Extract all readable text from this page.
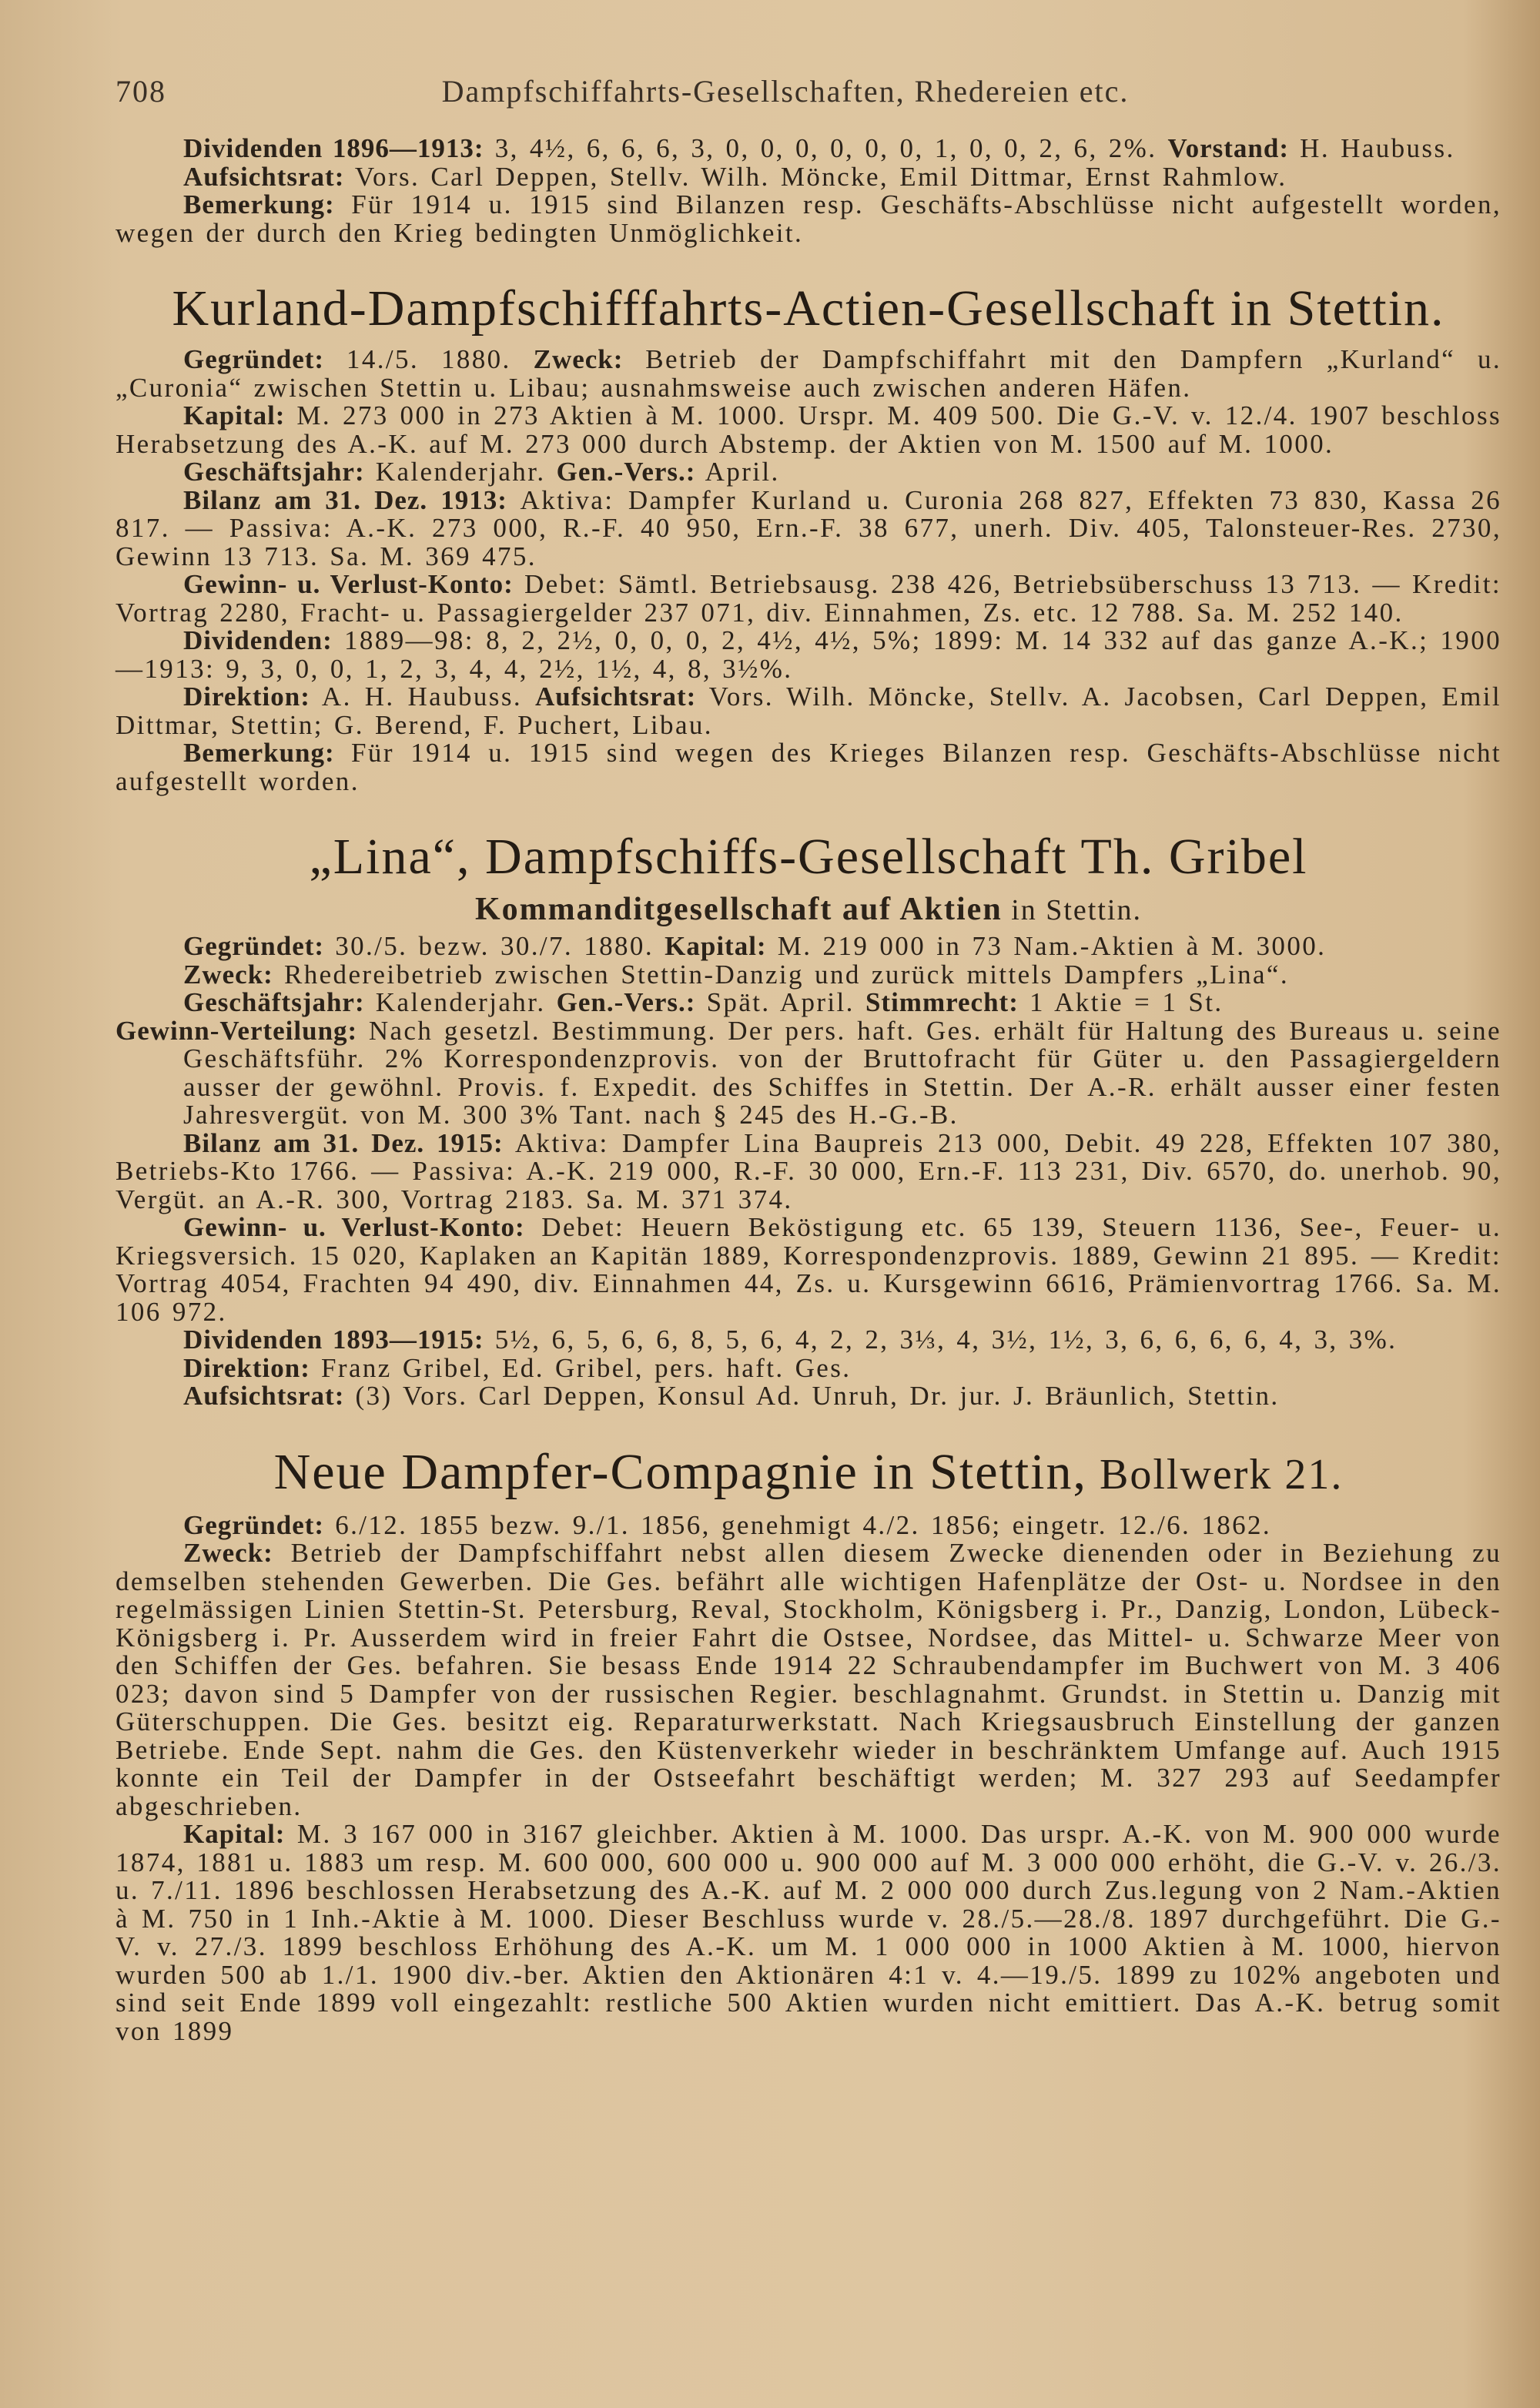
708	Dampfschiffahrts-Gesellschaften, Rhedereien etc.

Dividenden 1896—1913: 3, 4½, 6, 6, 6, 3, 0, 0, 0, 0, 0, 0, 1, 0, 0, 2, 6, 2%. Vorstand: H. Haubuss.

Aufsichtsrat: Vors. Carl Deppen, Stellv. Wilh. Möncke, Emil Dittmar, Ernst Rahmlow.

Bemerkung: Für 1914 u. 1915 sind Bilanzen resp. Geschäfts-Abschlüsse nicht aufgestellt worden, wegen der durch den Krieg bedingten Unmöglichkeit.

Kurland-Dampfschifffahrts-Actien-Gesellschaft in Stettin.

Gegründet: 14./5. 1880. Zweck: Betrieb der Dampfschiffahrt mit den Dampfern „Kurland“ u. „Curonia“ zwischen Stettin u. Libau; ausnahmsweise auch zwischen anderen Häfen.

Kapital: M. 273 000 in 273 Aktien à M. 1000. Urspr. M. 409 500. Die G.-V. v. 12./4. 1907 beschloss Herabsetzung des A.-K. auf M. 273 000 durch Abstemp. der Aktien von M. 1500 auf M. 1000.

Geschäftsjahr: Kalenderjahr. Gen.-Vers.: April.

Bilanz am 31. Dez. 1913: Aktiva: Dampfer Kurland u. Curonia 268 827, Effekten 73 830, Kassa 26 817. — Passiva: A.-K. 273 000, R.-F. 40 950, Ern.-F. 38 677, unerh. Div. 405, Talonsteuer-Res. 2730, Gewinn 13 713. Sa. M. 369 475.

Gewinn- u. Verlust-Konto: Debet: Sämtl. Betriebsausg. 238 426, Betriebsüberschuss 13 713. — Kredit: Vortrag 2280, Fracht- u. Passagiergelder 237 071, div. Einnahmen, Zs. etc. 12 788. Sa. M. 252 140.

Dividenden: 1889—98: 8, 2, 2½, 0, 0, 0, 2, 4½, 4½, 5%; 1899: M. 14 332 auf das ganze A.-K.; 1900—1913: 9, 3, 0, 0, 1, 2, 3, 4, 4, 2½, 1½, 4, 8, 3½%.

Direktion: A. H. Haubuss. Aufsichtsrat: Vors. Wilh. Möncke, Stellv. A. Jacobsen, Carl Deppen, Emil Dittmar, Stettin; G. Berend, F. Puchert, Libau.

Bemerkung: Für 1914 u. 1915 sind wegen des Krieges Bilanzen resp. Geschäfts-Abschlüsse nicht aufgestellt worden.

„Lina“, Dampfschiffs-Gesellschaft Th. Gribel
Kommanditgesellschaft auf Aktien in Stettin.

Gegründet: 30./5. bezw. 30./7. 1880. Kapital: M. 219 000 in 73 Nam.-Aktien à M. 3000.

Zweck: Rhedereibetrieb zwischen Stettin-Danzig und zurück mittels Dampfers „Lina“.

Geschäftsjahr: Kalenderjahr. Gen.-Vers.: Spät. April. Stimmrecht: 1 Aktie = 1 St.

Gewinn-Verteilung: Nach gesetzl. Bestimmung. Der pers. haft. Ges. erhält für Haltung des Bureaus u. seine Geschäftsführ. 2% Korrespondenzprovis. von der Bruttofracht für Güter u. den Passagiergeldern ausser der gewöhnl. Provis. f. Expedit. des Schiffes in Stettin. Der A.-R. erhält ausser einer festen Jahresvergüt. von M. 300 3% Tant. nach § 245 des H.-G.-B.

Bilanz am 31. Dez. 1915: Aktiva: Dampfer Lina Baupreis 213 000, Debit. 49 228, Effekten 107 380, Betriebs-Kto 1766. — Passiva: A.-K. 219 000, R.-F. 30 000, Ern.-F. 113 231, Div. 6570, do. unerhob. 90, Vergüt. an A.-R. 300, Vortrag 2183. Sa. M. 371 374.

Gewinn- u. Verlust-Konto: Debet: Heuern Beköstigung etc. 65 139, Steuern 1136, See-, Feuer- u. Kriegsversich. 15 020, Kaplaken an Kapitän 1889, Korrespondenzprovis. 1889, Gewinn 21 895. — Kredit: Vortrag 4054, Frachten 94 490, div. Einnahmen 44, Zs. u. Kursgewinn 6616, Prämienvortrag 1766. Sa. M. 106 972.

Dividenden 1893—1915: 5½, 6, 5, 6, 6, 8, 5, 6, 4, 2, 2, 3⅓, 4, 3½, 1½, 3, 6, 6, 6, 6, 4, 3, 3%.

Direktion: Franz Gribel, Ed. Gribel, pers. haft. Ges.

Aufsichtsrat: (3) Vors. Carl Deppen, Konsul Ad. Unruh, Dr. jur. J. Bräunlich, Stettin.

Neue Dampfer-Compagnie in Stettin, Bollwerk 21.

Gegründet: 6./12. 1855 bezw. 9./1. 1856, genehmigt 4./2. 1856; eingetr. 12./6. 1862.

Zweck: Betrieb der Dampfschiffahrt nebst allen diesem Zwecke dienenden oder in Beziehung zu demselben stehenden Gewerben. Die Ges. befährt alle wichtigen Hafenplätze der Ost- u. Nordsee in den regelmässigen Linien Stettin-St. Petersburg, Reval, Stockholm, Königsberg i. Pr., Danzig, London, Lübeck-Königsberg i. Pr. Ausserdem wird in freier Fahrt die Ostsee, Nordsee, das Mittel- u. Schwarze Meer von den Schiffen der Ges. befahren. Sie besass Ende 1914 22 Schraubendampfer im Buchwert von M. 3 406 023; davon sind 5 Dampfer von der russischen Regier. beschlagnahmt. Grundst. in Stettin u. Danzig mit Güterschuppen. Die Ges. besitzt eig. Reparaturwerkstatt. Nach Kriegsausbruch Einstellung der ganzen Betriebe. Ende Sept. nahm die Ges. den Küstenverkehr wieder in beschränktem Umfange auf. Auch 1915 konnte ein Teil der Dampfer in der Ostseefahrt beschäftigt werden; M. 327 293 auf Seedampfer abgeschrieben.

Kapital: M. 3 167 000 in 3167 gleichber. Aktien à M. 1000. Das urspr. A.-K. von M. 900 000 wurde 1874, 1881 u. 1883 um resp. M. 600 000, 600 000 u. 900 000 auf M. 3 000 000 erhöht, die G.-V. v. 26./3. u. 7./11. 1896 beschlossen Herabsetzung des A.-K. auf M. 2 000 000 durch Zus.legung von 2 Nam.-Aktien à M. 750 in 1 Inh.-Aktie à M. 1000. Dieser Beschluss wurde v. 28./5.—28./8. 1897 durchgeführt. Die G.-V. v. 27./3. 1899 beschloss Erhöhung des A.-K. um M. 1 000 000 in 1000 Aktien à M. 1000, hiervon wurden 500 ab 1./1. 1900 div.-ber. Aktien den Aktionären 4:1 v. 4.—19./5. 1899 zu 102% angeboten und sind seit Ende 1899 voll eingezahlt: restliche 500 Aktien wurden nicht emittiert. Das A.-K. betrug somit von 1899
